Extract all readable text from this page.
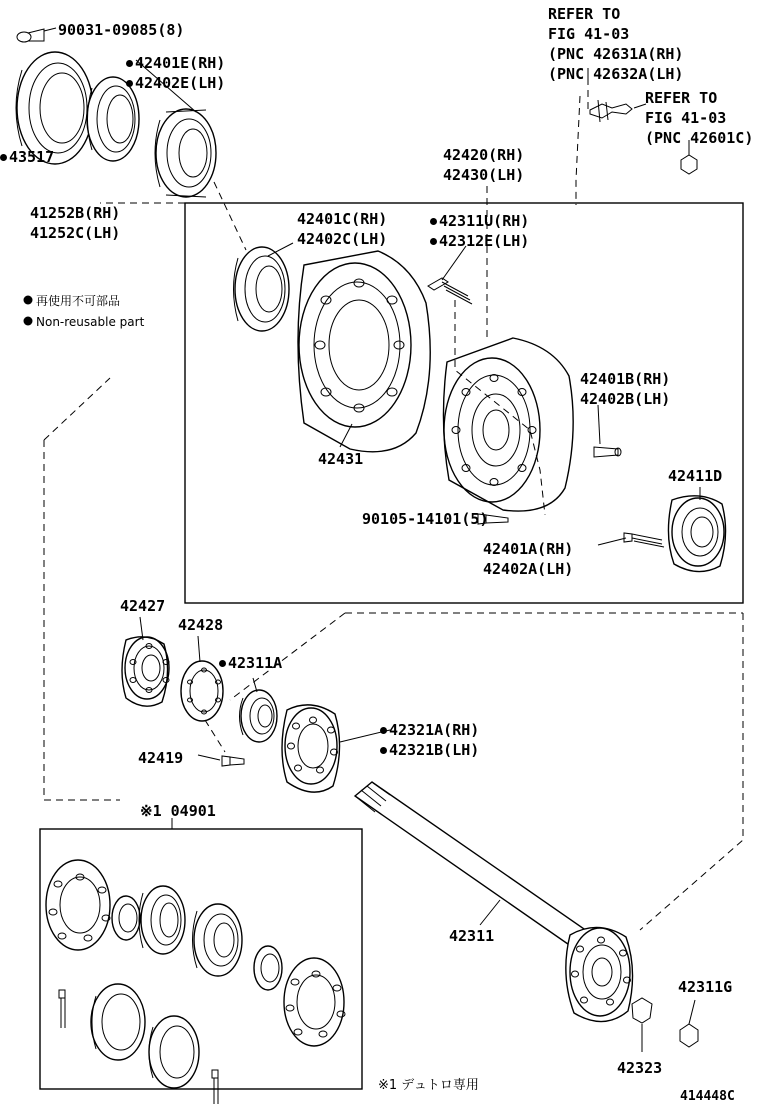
90031-09085(8)
42401E(RH)
42402E(LH)
43517
41252B(RH)
41252C(LH)
REFER TO
FIG 41-03
(PNC 42631A(RH)
(PNC 42632A(LH)
REFER TO
FIG 41-03
(PNC 42601C)
42420(RH)
42430(LH)
42401C(RH)
42402C(LH)
42311U(RH)
42312E(LH)
42401B(RH)
42402B(LH)
42411D
42431
90105-14101(5)
42401A(RH)
42402A(LH)
42427
42428
42311A
42419
42321A(RH)
42321B(LH)
※1 04901
42311
42311G
42323
再使用不可部品
Non-reusable part
※1 デュトロ専用
414448C
